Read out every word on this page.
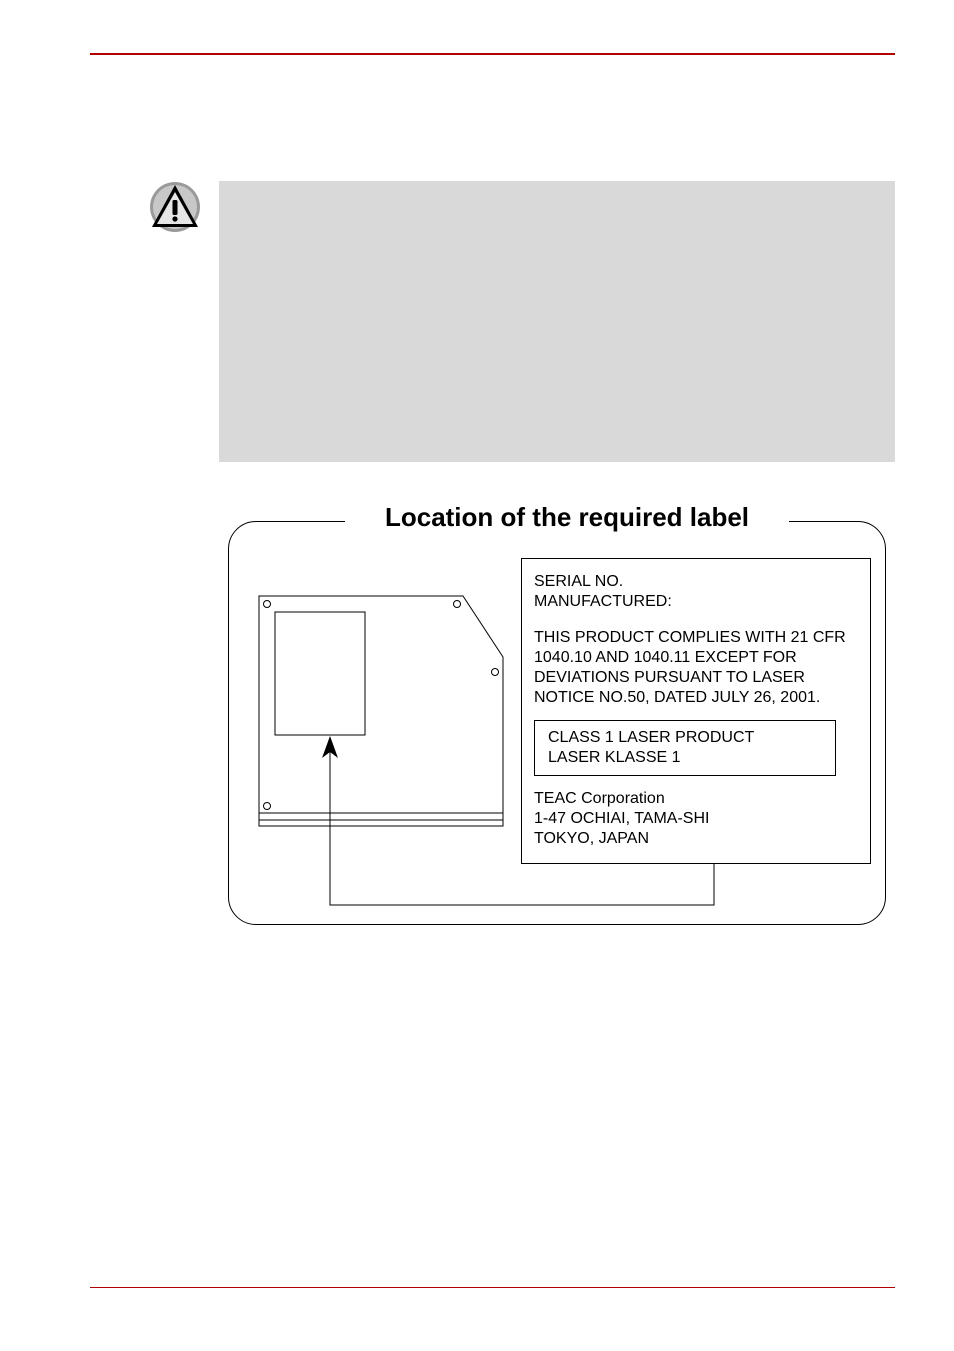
Location of the required label
SERIAL NO.
MANUFACTURED:
THIS PRODUCT COMPLIES WITH 21 CFR
1040.10 AND 1040.11 EXCEPT FOR
DEVIATIONS PURSUANT TO LASER
NOTICE NO.50, DATED JULY 26, 2001.
CLASS 1 LASER PRODUCT
LASER KLASSE 1
TEAC Corporation
1-47 OCHIAI, TAMA-SHI
TOKYO, JAPAN
